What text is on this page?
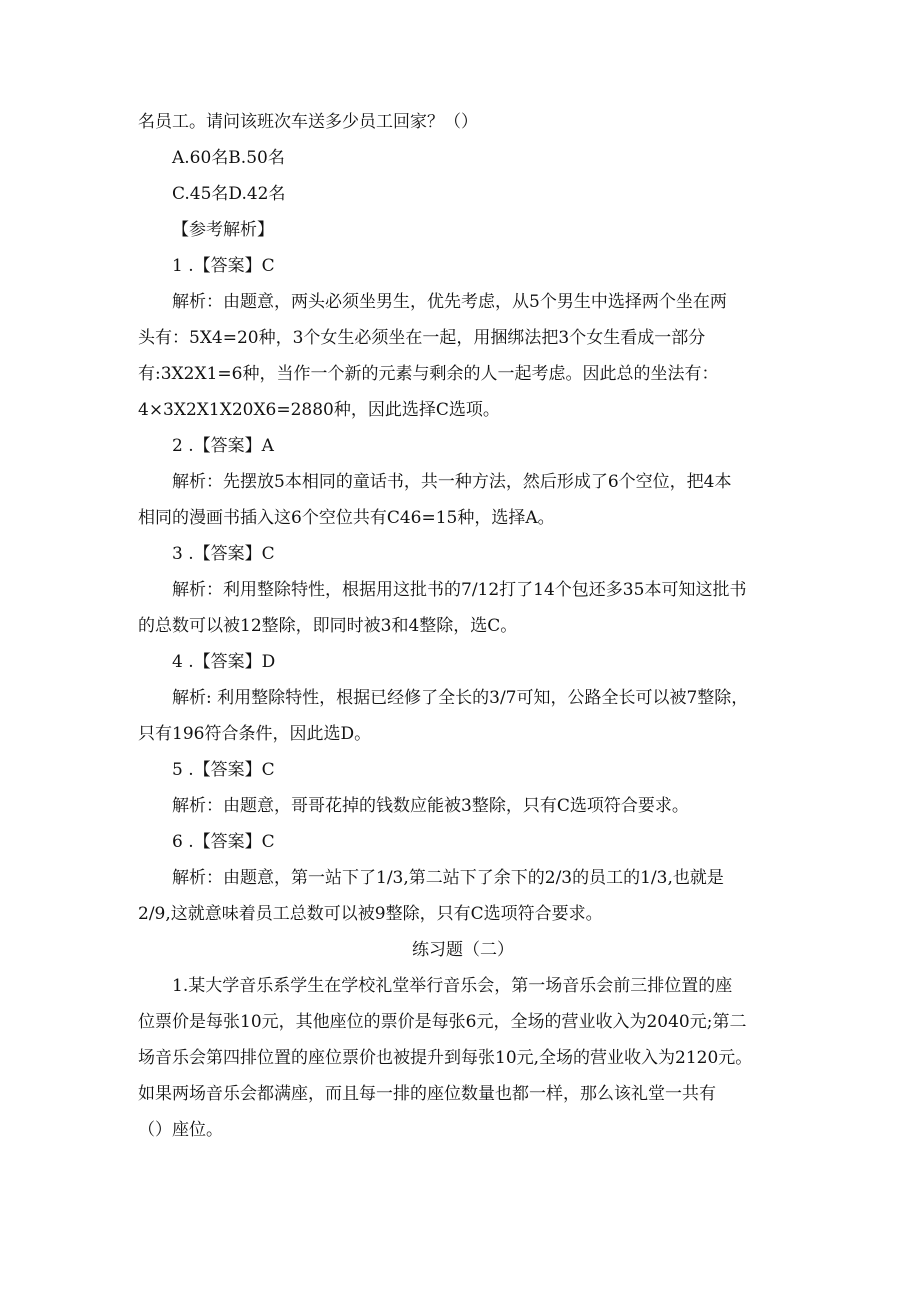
名员工。请问该班次车送多少员工回家？（）
A.60名B.50名
C.45名D.42名
【参考解析】
1 .【答案】C
解析：由题意，两头必须坐男生，优先考虑，从5个男生中选择两个坐在两
头有：5X4=20种，3个女生必须坐在一起，用捆绑法把3个女生看成一部分
有:3X2X1=6种，当作一个新的元素与剩余的人一起考虑。因此总的坐法有：
4×3X2X1X20X6=2880种，因此选择C选项。
2 .【答案】A
解析：先摆放5本相同的童话书，共一种方法，然后形成了6个空位，把4本
相同的漫画书插入这6个空位共有C46=15种，选择A。
3 .【答案】C
解析：利用整除特性，根据用这批书的7/12打了14个包还多35本可知这批书
的总数可以被12整除，即同时被3和4整除，选C。
4 .【答案】D
解析: 利用整除特性，根据已经修了全长的3/7可知，公路全长可以被7整除，
只有196符合条件，因此选D。
5 .【答案】C
解析：由题意，哥哥花掉的钱数应能被3整除，只有C选项符合要求。
6 .【答案】C
解析：由题意，第一站下了1/3,第二站下了余下的2/3的员工的1/3,也就是
2/9,这就意味着员工总数可以被9整除，只有C选项符合要求。
练习题（二）
1.某大学音乐系学生在学校礼堂举行音乐会，第一场音乐会前三排位置的座
位票价是每张10元，其他座位的票价是每张6元，全场的营业收入为2040元;第二
场音乐会第四排位置的座位票价也被提升到每张10元,全场的营业收入为2120元。
如果两场音乐会都满座，而且每一排的座位数量也都一样，那么该礼堂一共有
（）座位。
